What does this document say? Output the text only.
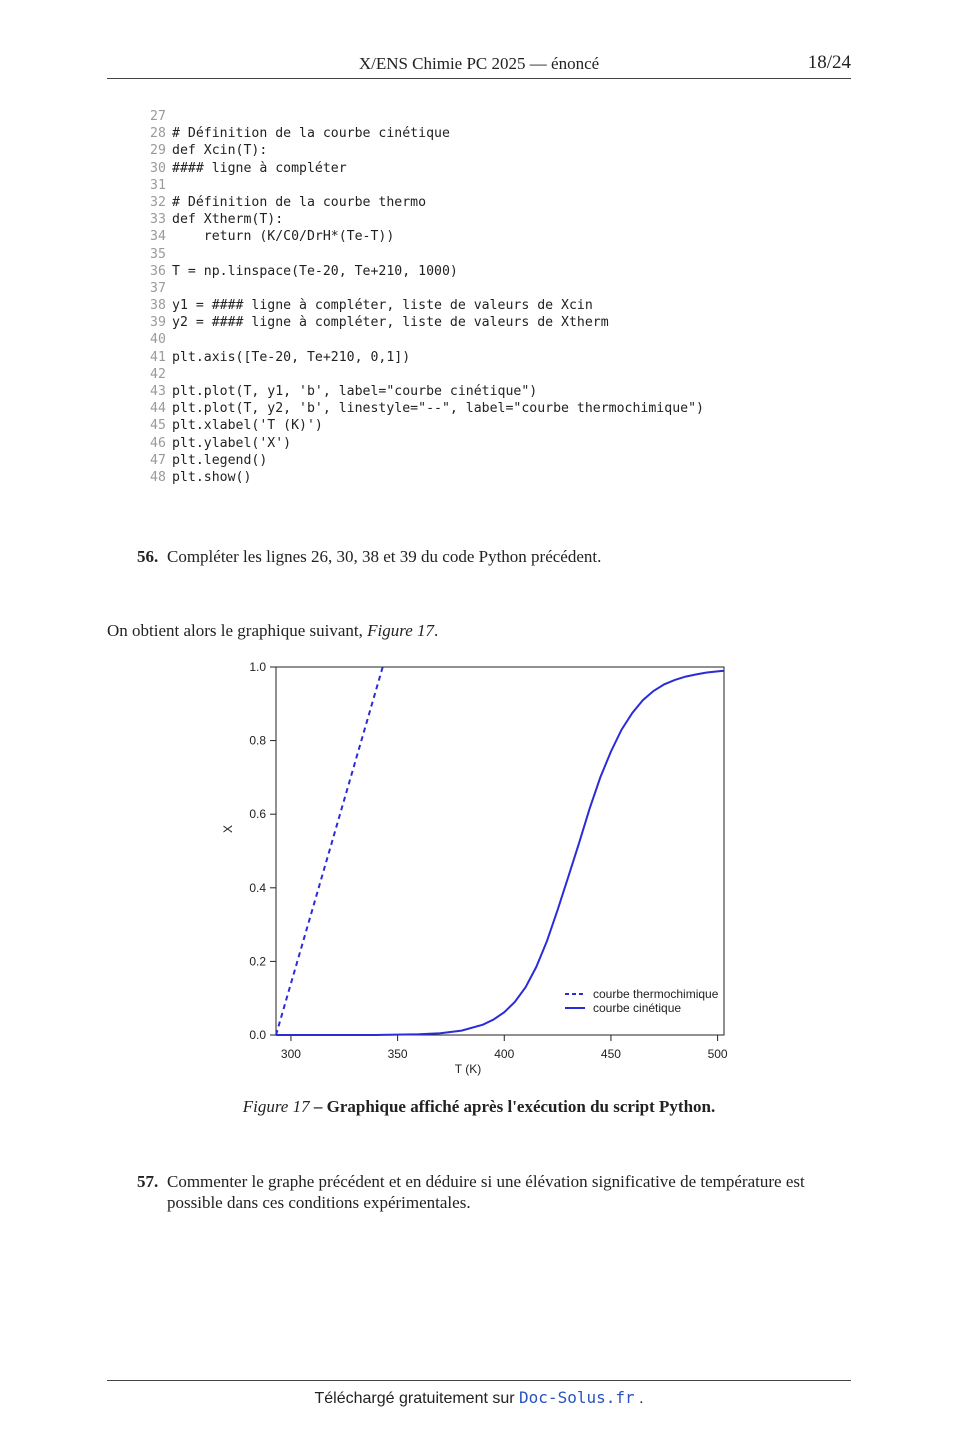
X/ENS Chimie PC 2025 — énoncé	18/24
27
28 # Définition de la courbe cinétique
29 def Xcin(T):
30 #### ligne à compléter
31
32 # Définition de la courbe thermo
33 def Xtherm(T):
34    return (K/C0/DrH*(Te-T))
35
36 T = np.linspace(Te-20, Te+210, 1000)
37
38 y1 = #### ligne à compléter, liste de valeurs de Xcin
39 y2 = #### ligne à compléter, liste de valeurs de Xtherm
40
41 plt.axis([Te-20, Te+210, 0,1])
42
43 plt.plot(T, y1, 'b', label="courbe cinétique")
44 plt.plot(T, y2, 'b', linestyle="--", label="courbe thermochimique")
45 plt.xlabel('T (K)')
46 plt.ylabel('X')
47 plt.legend()
48 plt.show()
56. Compléter les lignes 26, 30, 38 et 39 du code Python précédent.
On obtient alors le graphique suivant, Figure 17.
0.0
0.2
0.4
0.6
0.8
1.0
300	350	400	450	500
T (K)
X
courbe thermochimique
courbe cinétique
Figure 17 – Graphique affiché après l'exécution du script Python.
57. Commenter le graphe précédent et en déduire si une élévation significative de température est
possible dans ces conditions expérimentales.
Téléchargé gratuitement sur Doc-Solus.fr .
